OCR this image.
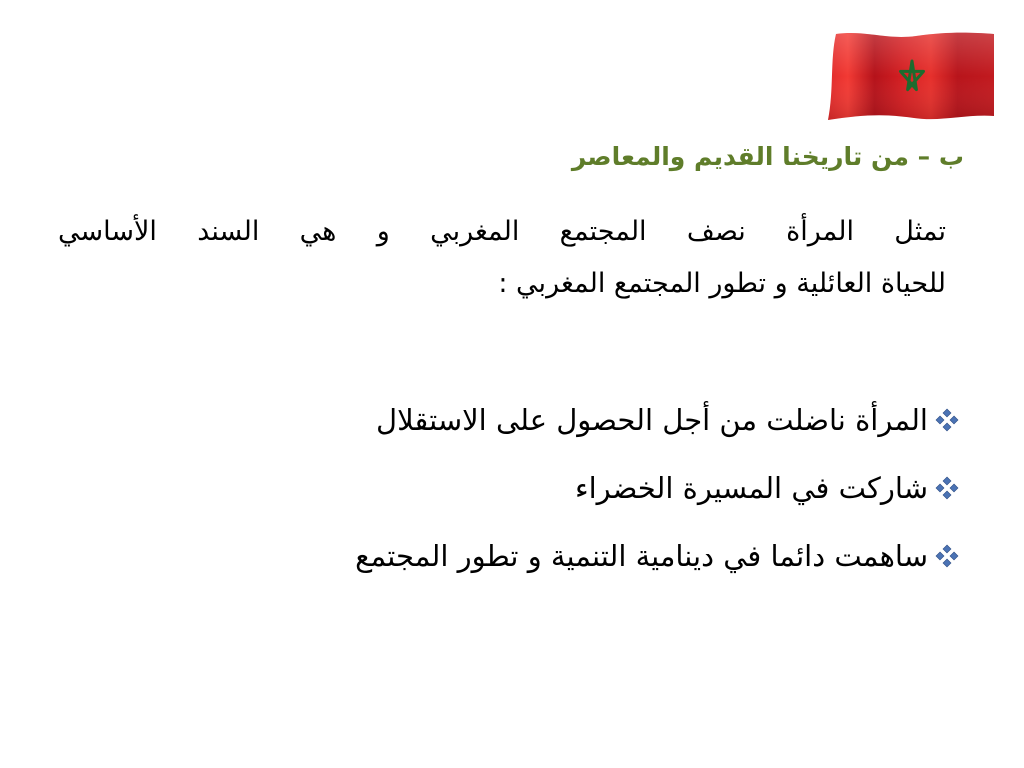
ب – من تاريخنا القديم والمعاصر
تمثل المرأة نصف المجتمع المغربي و هي السند الأساسي
للحياة العائلية و تطور المجتمع المغربي :
المرأة ناضلت من أجل الحصول على الاستقلال
شاركت في المسيرة الخضراء
ساهمت دائما في دينامية التنمية و تطور المجتمع
